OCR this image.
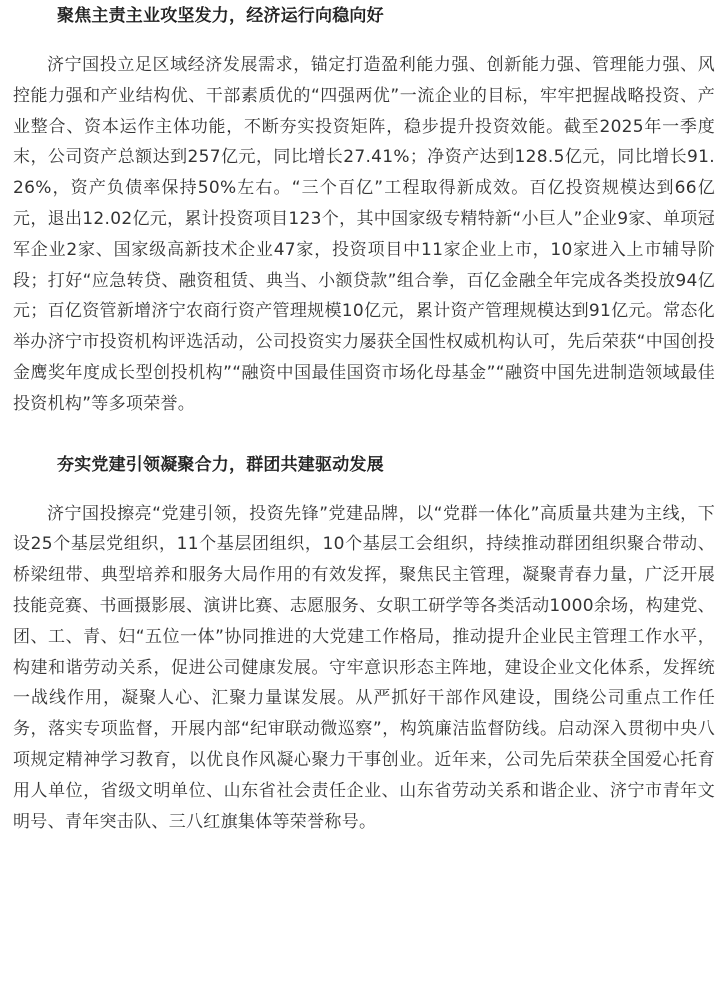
聚焦主责主业攻坚发力，经济运行向稳向好

济宁国投立足区域经济发展需求，锚定打造盈利能力强、创新能力强、管理能力强、风控能力强和产业结构优、干部素质优的“四强两优”一流企业的目标，牢牢把握战略投资、产业整合、资本运作主体功能，不断夯实投资矩阵，稳步提升投资效能。截至2025年一季度末，公司资产总额达到257亿元，同比增长27.41%；净资产达到128.5亿元，同比增长91.26%，资产负债率保持50%左右。“三个百亿”工程取得新成效。百亿投资规模达到66亿元，退出12.02亿元，累计投资项目123个，其中国家级专精特新“小巨人”企业9家、单项冠军企业2家、国家级高新技术企业47家，投资项目中11家企业上市，10家进入上市辅导阶段；打好“应急转贷、融资租赁、典当、小额贷款”组合拳，百亿金融全年完成各类投放94亿元；百亿资管新增济宁农商行资产管理规模10亿元，累计资产管理规模达到91亿元。常态化举办济宁市投资机构评选活动，公司投资实力屡获全国性权威机构认可，先后荣获“中国创投金鹰奖年度成长型创投机构”“融资中国最佳国资市场化母基金”“融资中国先进制造领域最佳投资机构”等多项荣誉。

夯实党建引领凝聚合力，群团共建驱动发展

济宁国投擦亮“党建引领，投资先锋”党建品牌，以“党群一体化”高质量共建为主线，下设25个基层党组织，11个基层团组织，10个基层工会组织，持续推动群团组织聚合带动、桥梁纽带、典型培养和服务大局作用的有效发挥，聚焦民主管理，凝聚青春力量，广泛开展技能竞赛、书画摄影展、演讲比赛、志愿服务、女职工研学等各类活动1000余场，构建党、团、工、青、妇“五位一体”协同推进的大党建工作格局，推动提升企业民主管理工作水平，构建和谐劳动关系，促进公司健康发展。守牢意识形态主阵地，建设企业文化体系，发挥统一战线作用，凝聚人心、汇聚力量谋发展。从严抓好干部作风建设，围绕公司重点工作任务，落实专项监督，开展内部“纪审联动微巡察”，构筑廉洁监督防线。启动深入贯彻中央八项规定精神学习教育，以优良作风凝心聚力干事创业。近年来，公司先后荣获全国爱心托育用人单位，省级文明单位、山东省社会责任企业、山东省劳动关系和谐企业、济宁市青年文明号、青年突击队、三八红旗集体等荣誉称号。
